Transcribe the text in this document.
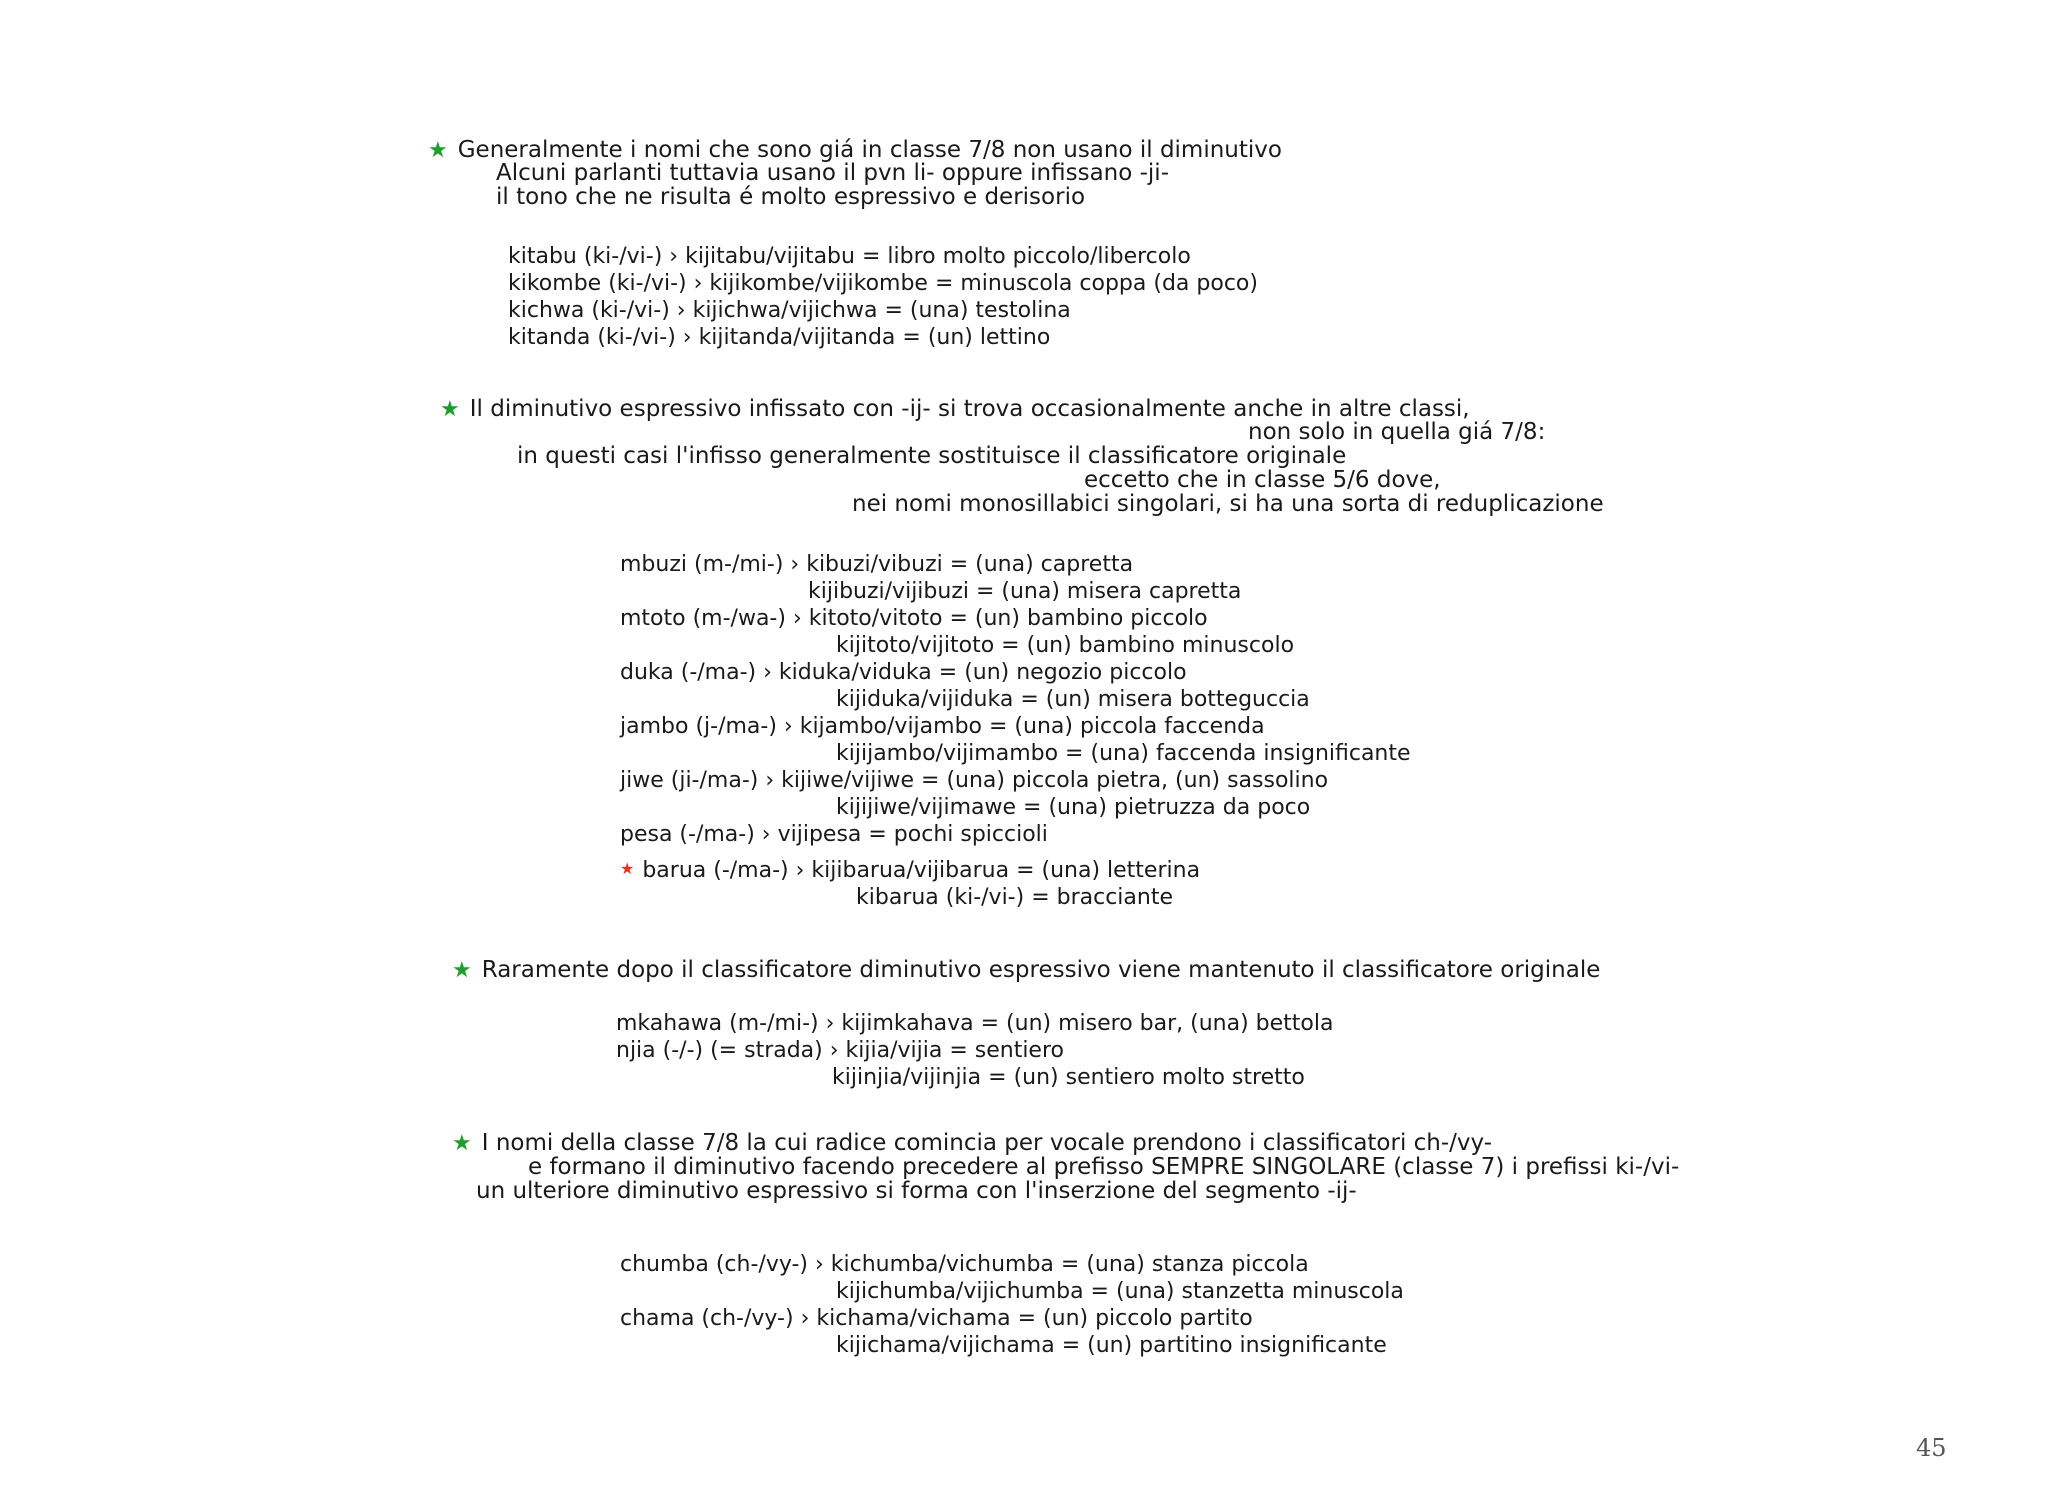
★ Generalmente i nomi che sono giá in classe 7/8 non usano il diminutivo
Alcuni parlanti tuttavia usano il pvn li- oppure infissano -ji-
il tono che ne risulta é molto espressivo e derisorio
kitabu (ki-/vi-) › kijitabu/vijitabu = libro molto piccolo/libercolo
kikombe (ki-/vi-) › kijikombe/vijikombe = minuscola coppa (da poco)
kichwa (ki-/vi-) › kijichwa/vijichwa = (una) testolina
kitanda (ki-/vi-) › kijitanda/vijitanda = (un) lettino
★ Il diminutivo espressivo infissato con -ij- si trova occasionalmente anche in altre classi,
non solo in quella giá 7/8:
in questi casi l'infisso generalmente sostituisce il classificatore originale
eccetto che in classe 5/6 dove,
nei nomi monosillabici singolari, si ha una sorta di reduplicazione
mbuzi (m-/mi-) › kibuzi/vibuzi = (una) capretta
kijibuzi/vijibuzi = (una) misera capretta
mtoto (m-/wa-) › kitoto/vitoto = (un) bambino piccolo
kijitoto/vijitoto = (un) bambino minuscolo
duka (-/ma-) › kiduka/viduka = (un) negozio piccolo
kijiduka/vijiduka = (un) misera botteguccia
jambo (j-/ma-) › kijambo/vijambo = (una) piccola faccenda
kijijambo/vijimambo = (una) faccenda insignificante
jiwe (ji-/ma-) › kijiwe/vijiwe = (una) piccola pietra, (un) sassolino
kijijiwe/vijimawe = (una) pietruzza da poco
pesa (-/ma-) › vijipesa = pochi spiccioli
★ barua (-/ma-) › kijibarua/vijibarua = (una) letterina
kibarua (ki-/vi-) = bracciante
★ Raramente dopo il classificatore diminutivo espressivo viene mantenuto il classificatore originale
mkahawa (m-/mi-) › kijimkahava = (un) misero bar, (una) bettola
njia (-/-) (= strada) › kijia/vijia = sentiero
kijinjia/vijinjia = (un) sentiero molto stretto
★ I nomi della classe 7/8 la cui radice comincia per vocale prendono i classificatori ch-/vy-
e formano il diminutivo facendo precedere al prefisso SEMPRE SINGOLARE (classe 7) i prefissi ki-/vi-
un ulteriore diminutivo espressivo si forma con l'inserzione del segmento -ij-
chumba (ch-/vy-) › kichumba/vichumba = (una) stanza piccola
kijichumba/vijichumba = (una) stanzetta minuscola
chama (ch-/vy-) › kichama/vichama = (un) piccolo partito
kijichama/vijichama = (un) partitino insignificante
45
